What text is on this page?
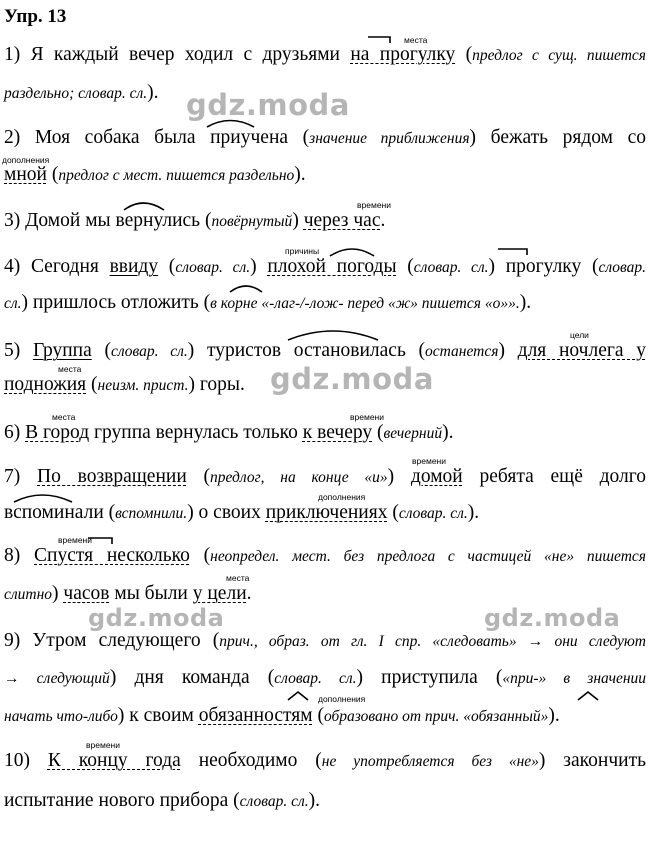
Упр. 13
1) Я каждый вечер ходил с друзьями на прогулку (предлог с сущ. пишется
раздельно; словар. сл.).
2) Моя собака была приучена (значение приближения) бежать рядом со
мной (предлог с мест. пишется раздельно).
3) Домой мы вернулись (повёрнутый) через час.
4) Сегодня ввиду (словар. сл.) плохой погоды (словар. сл.) прогулку (словар.
сл.) пришлось отложить (в корне «-лаг-/-лож- перед «ж» пишется «о»».).
5) Группа (словар. сл.) туристов остановилась (останется) для ночлега у
подножия (неизм. прист.) горы.
6) В город группа вернулась только к вечеру (вечерний).
7) По возвращении (предлог, на конце «и») домой ребята ещё долго
вспоминали (вспомнили.) о своих приключениях (словар. сл.).
8) Спустя несколько (неопредел. мест. без предлога с частицей «не» пишется
слитно) часов мы были у цели.
9) Утром следующего (прич., образ. от гл. I спр. «следовать» → они следуют
→ следующий) дня команда (словар. сл.) приступила («при-» в значении
начать что-либо) к своим обязанностям (образовано от прич. «обязанный»).
10) К концу года необходимо (не употребляется без «не») закончить
испытание нового прибора (словар. сл.).
места
дополнения
времени
причины
цели
места
места	времени
времени
дополнения
времени
места
дополнения
времени
gdz.moda
gdz.moda
gdz.moda	gdz.moda
